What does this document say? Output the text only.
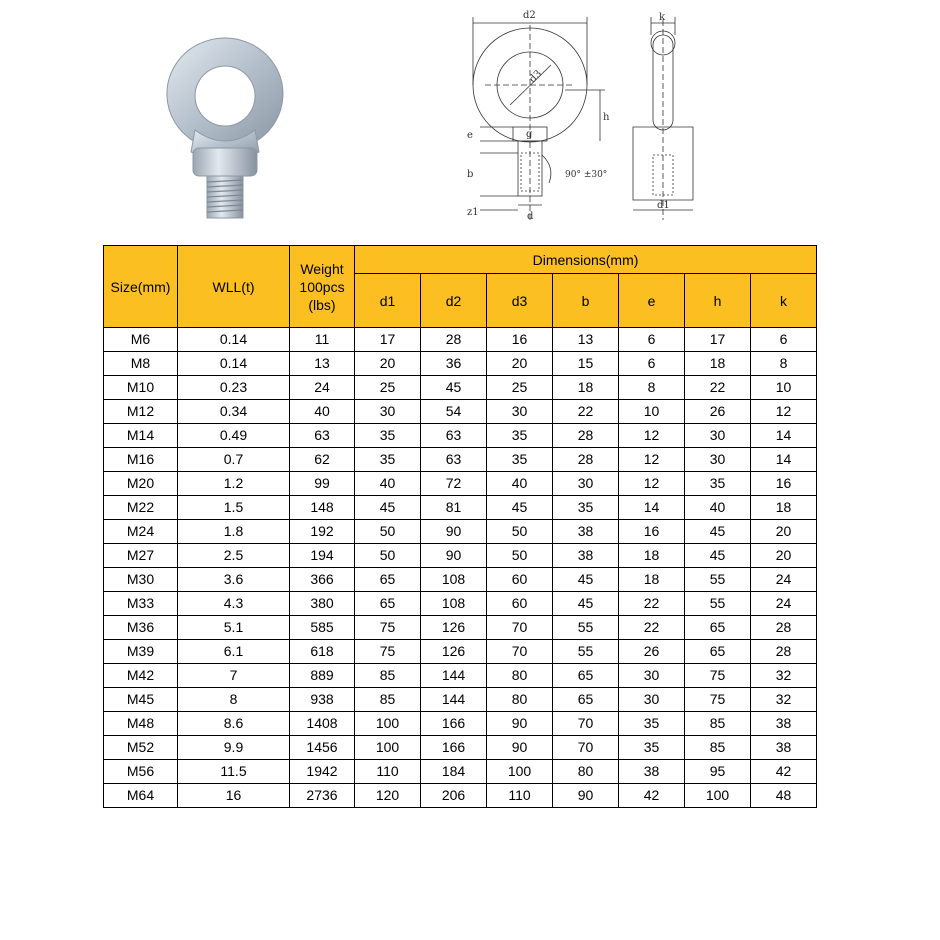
d2
d3
h
e
b
z1
g
d
90° ±30°
k
d1
Size(mm)	WLL(t)	Weight
100pcs
(lbs)	Dimensions(mm)						
			d1	d2	d3	b	e	h	k
M6	0.14	11	17	28	16	13	6	17	6
M8	0.14	13	20	36	20	15	6	18	8
M10	0.23	24	25	45	25	18	8	22	10
M12	0.34	40	30	54	30	22	10	26	12
M14	0.49	63	35	63	35	28	12	30	14
M16	0.7	62	35	63	35	28	12	30	14
M20	1.2	99	40	72	40	30	12	35	16
M22	1.5	148	45	81	45	35	14	40	18
M24	1.8	192	50	90	50	38	16	45	20
M27	2.5	194	50	90	50	38	18	45	20
M30	3.6	366	65	108	60	45	18	55	24
M33	4.3	380	65	108	60	45	22	55	24
M36	5.1	585	75	126	70	55	22	65	28
M39	6.1	618	75	126	70	55	26	65	28
M42	7	889	85	144	80	65	30	75	32
M45	8	938	85	144	80	65	30	75	32
M48	8.6	1408	100	166	90	70	35	85	38
M52	9.9	1456	100	166	90	70	35	85	38
M56	11.5	1942	110	184	100	80	38	95	42
M64	16	2736	120	206	110	90	42	100	48
